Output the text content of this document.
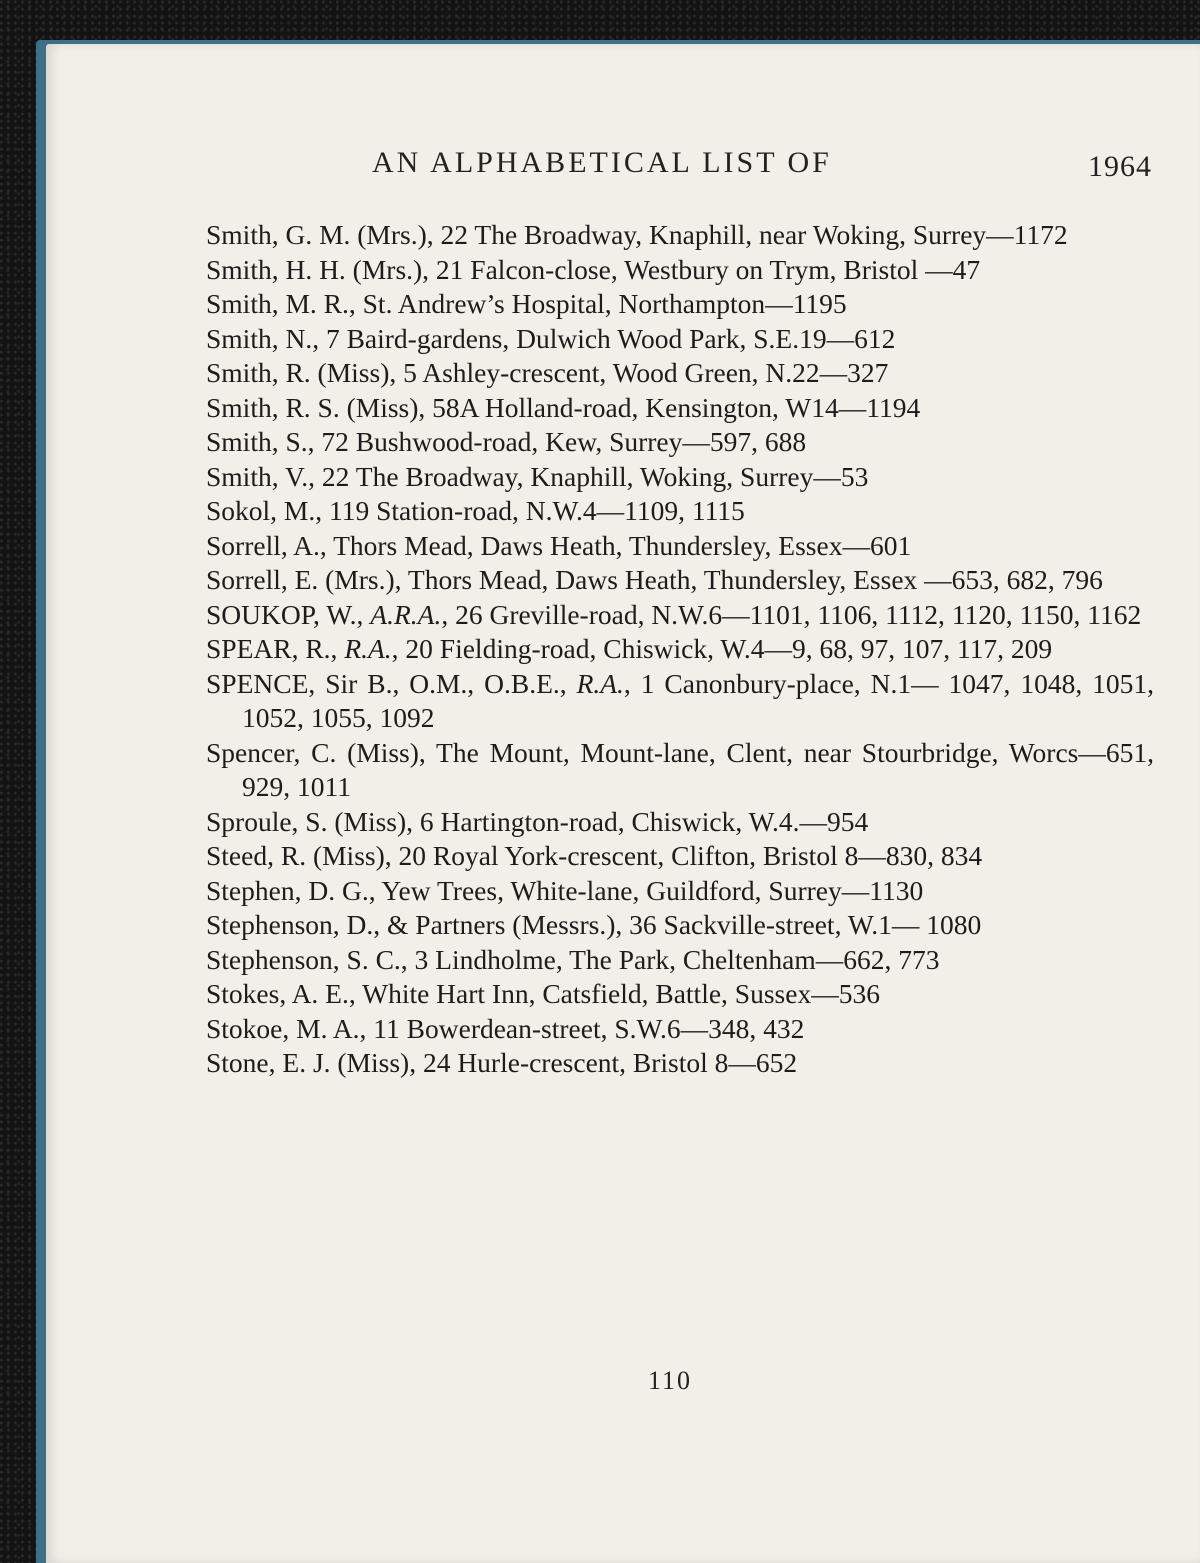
AN ALPHABETICAL LIST OF	1964
Smith, G. M. (Mrs.), 22 The Broadway, Knaphill, near Woking, Surrey—1172
Smith, H. H. (Mrs.), 21 Falcon-close, Westbury on Trym, Bristol —47
Smith, M. R., St. Andrew’s Hospital, Northampton—1195
Smith, N., 7 Baird-gardens, Dulwich Wood Park, S.E.19—612
Smith, R. (Miss), 5 Ashley-crescent, Wood Green, N.22—327
Smith, R. S. (Miss), 58A Holland-road, Kensington, W14—1194
Smith, S., 72 Bushwood-road, Kew, Surrey—597, 688
Smith, V., 22 The Broadway, Knaphill, Woking, Surrey—53
Sokol, M., 119 Station-road, N.W.4—1109, 1115
Sorrell, A., Thors Mead, Daws Heath, Thundersley, Essex—601
Sorrell, E. (Mrs.), Thors Mead, Daws Heath, Thundersley, Essex —653, 682, 796
SOUKOP, W., A.R.A., 26 Greville-road, N.W.6—1101, 1106, 1112, 1120, 1150, 1162
SPEAR, R., R.A., 20 Fielding-road, Chiswick, W.4—9, 68, 97, 107, 117, 209
SPENCE, Sir B., O.M., O.B.E., R.A., 1 Canonbury-place, N.1— 1047, 1048, 1051, 1052, 1055, 1092
Spencer, C. (Miss), The Mount, Mount-lane, Clent, near Stourbridge, Worcs—651, 929, 1011
Sproule, S. (Miss), 6 Hartington-road, Chiswick, W.4.—954
Steed, R. (Miss), 20 Royal York-crescent, Clifton, Bristol 8—830, 834
Stephen, D. G., Yew Trees, White-lane, Guildford, Surrey—1130
Stephenson, D., & Partners (Messrs.), 36 Sackville-street, W.1— 1080
Stephenson, S. C., 3 Lindholme, The Park, Cheltenham—662, 773
Stokes, A. E., White Hart Inn, Catsfield, Battle, Sussex—536
Stokoe, M. A., 11 Bowerdean-street, S.W.6—348, 432
Stone, E. J. (Miss), 24 Hurle-crescent, Bristol 8—652
110
